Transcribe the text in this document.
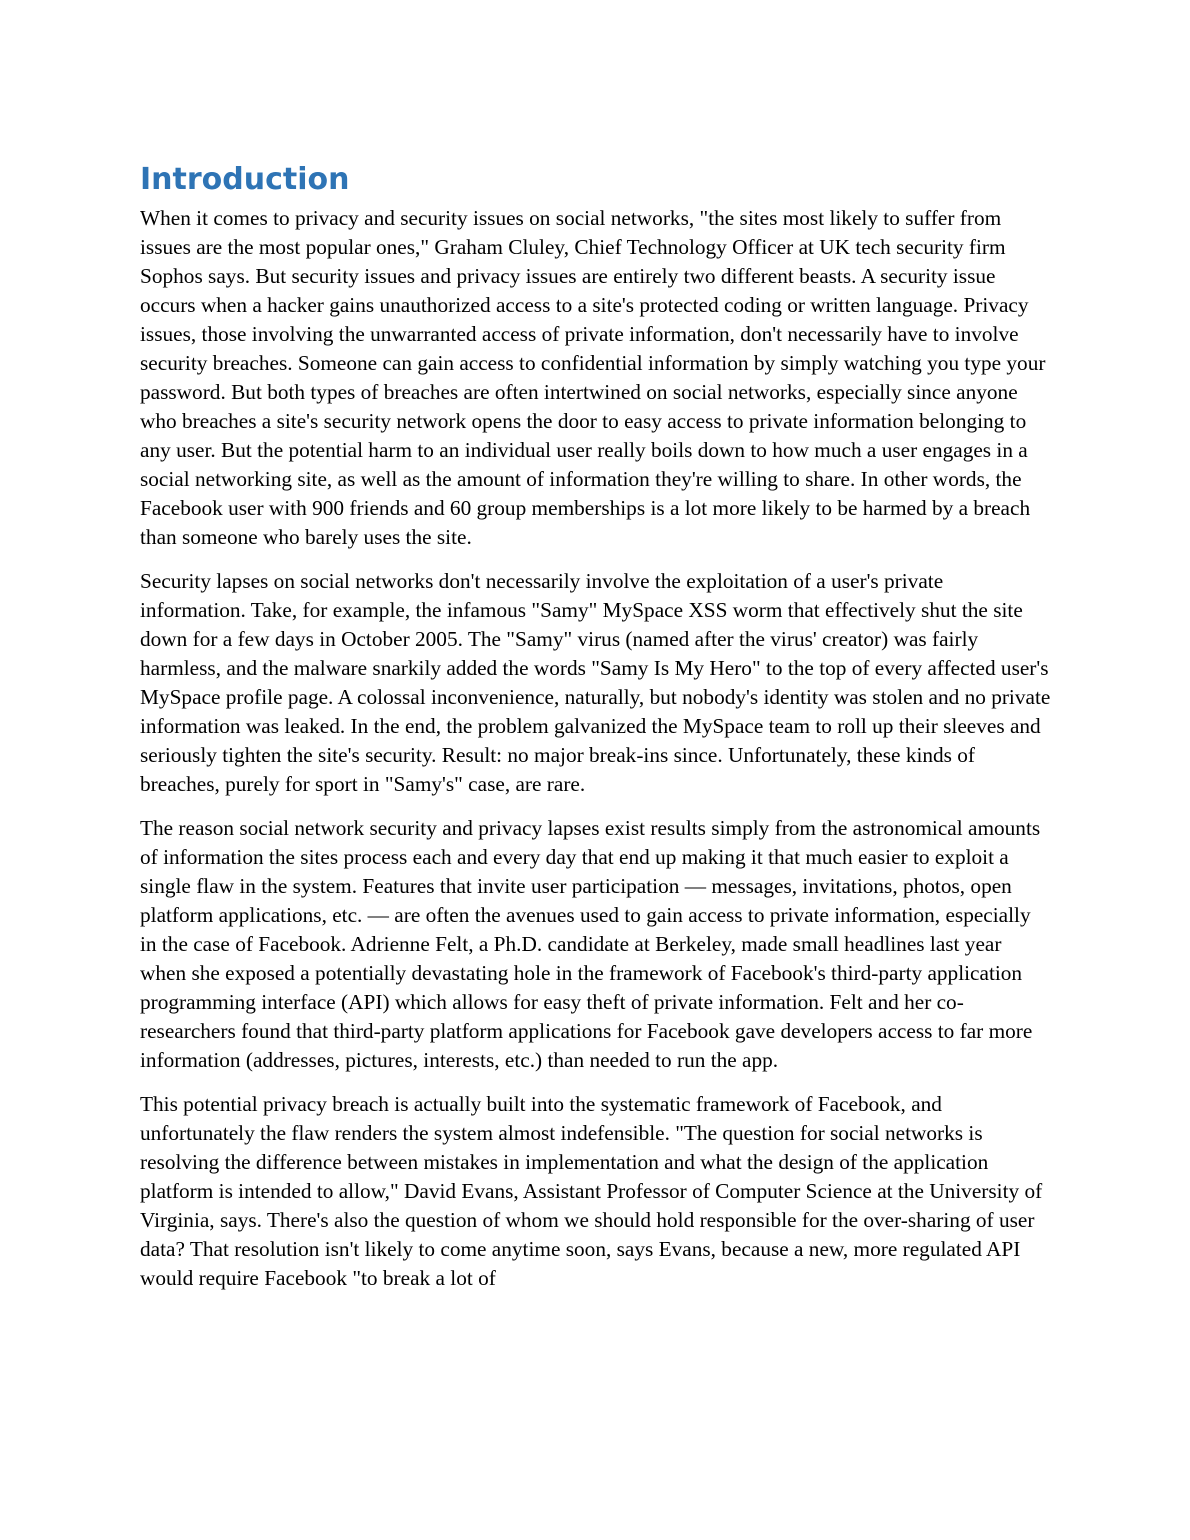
Introduction

When it comes to privacy and security issues on social networks, "the sites most likely to suffer from issues are the most popular ones," Graham Cluley, Chief Technology Officer at UK tech security firm Sophos says. But security issues and privacy issues are entirely two different beasts. A security issue occurs when a hacker gains unauthorized access to a site's protected coding or written language. Privacy issues, those involving the unwarranted access of private information, don't necessarily have to involve security breaches. Someone can gain access to confidential information by simply watching you type your password. But both types of breaches are often intertwined on social networks, especially since anyone who breaches a site's security network opens the door to easy access to private information belonging to any user. But the potential harm to an individual user really boils down to how much a user engages in a social networking site, as well as the amount of information they're willing to share. In other words, the Facebook user with 900 friends and 60 group memberships is a lot more likely to be harmed by a breach than someone who barely uses the site.

Security lapses on social networks don't necessarily involve the exploitation of a user's private information. Take, for example, the infamous "Samy" MySpace XSS worm that effectively shut the site down for a few days in October 2005. The "Samy" virus (named after the virus' creator) was fairly harmless, and the malware snarkily added the words "Samy Is My Hero" to the top of every affected user's MySpace profile page. A colossal inconvenience, naturally, but nobody's identity was stolen and no private information was leaked. In the end, the problem galvanized the MySpace team to roll up their sleeves and seriously tighten the site's security. Result: no major break-ins since. Unfortunately, these kinds of breaches, purely for sport in "Samy's" case, are rare.

The reason social network security and privacy lapses exist results simply from the astronomical amounts of information the sites process each and every day that end up making it that much easier to exploit a single flaw in the system. Features that invite user participation — messages, invitations, photos, open platform applications, etc. — are often the avenues used to gain access to private information, especially in the case of Facebook. Adrienne Felt, a Ph.D. candidate at Berkeley, made small headlines last year when she exposed a potentially devastating hole in the framework of Facebook's third-party application programming interface (API) which allows for easy theft of private information. Felt and her co-researchers found that third-party platform applications for Facebook gave developers access to far more information (addresses, pictures, interests, etc.) than needed to run the app.

This potential privacy breach is actually built into the systematic framework of Facebook, and unfortunately the flaw renders the system almost indefensible. "The question for social networks is resolving the difference between mistakes in implementation and what the design of the application platform is intended to allow," David Evans, Assistant Professor of Computer Science at the University of Virginia, says. There's also the question of whom we should hold responsible for the over-sharing of user data? That resolution isn't likely to come anytime soon, says Evans, because a new, more regulated API would require Facebook "to break a lot of
